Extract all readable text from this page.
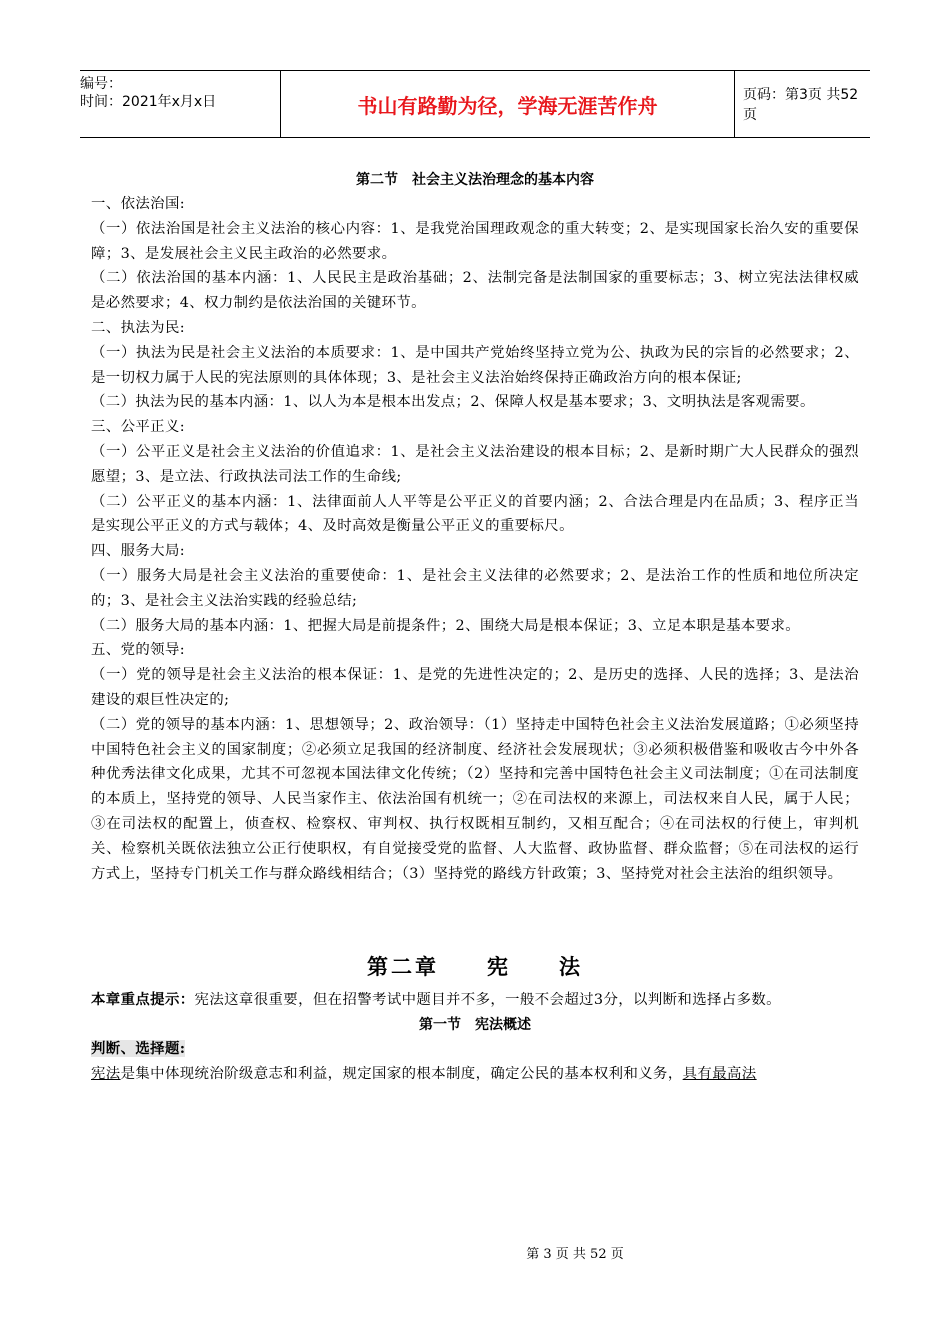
编号：
时间：2021年x月x日	书山有路勤为径，学海无涯苦作舟	页码：第3页 共52页
第二节　社会主义法治理念的基本内容

一、依法治国:

（一）依法治国是社会主义法治的核心内容：1、是我党治国理政观念的重大转变；2、是实现国家长治久安的重要保障；3、是发展社会主义民主政治的必然要求。

（二）依法治国的基本内涵：1、人民民主是政治基础；2、法制完备是法制国家的重要标志；3、树立宪法法律权威是必然要求；4、权力制约是依法治国的关键环节。

二、执法为民:

（一）执法为民是社会主义法治的本质要求：1、是中国共产党始终坚持立党为公、执政为民的宗旨的必然要求；2、是一切权力属于人民的宪法原则的具体体现；3、是社会主义法治始终保持正确政治方向的根本保证;

（二）执法为民的基本内涵：1、以人为本是根本出发点；2、保障人权是基本要求；3、文明执法是客观需要。

三、公平正义:

（一）公平正义是社会主义法治的价值追求：1、是社会主义法治建设的根本目标；2、是新时期广大人民群众的强烈愿望；3、是立法、行政执法司法工作的生命线;

（二）公平正义的基本内涵：1、法律面前人人平等是公平正义的首要内涵；2、合法合理是内在品质；3、程序正当是实现公平正义的方式与载体；4、及时高效是衡量公平正义的重要标尺。

四、服务大局:

（一）服务大局是社会主义法治的重要使命：1、是社会主义法律的必然要求；2、是法治工作的性质和地位所决定的；3、是社会主义法治实践的经验总结;

（二）服务大局的基本内涵：1、把握大局是前提条件；2、围绕大局是根本保证；3、立足本职是基本要求。

五、党的领导:

（一）党的领导是社会主义法治的根本保证：1、是党的先进性决定的；2、是历史的选择、人民的选择；3、是法治建设的艰巨性决定的;

（二）党的领导的基本内涵：1、思想领导；2、政治领导：（1）坚持走中国特色社会主义法治发展道路；①必须坚持中国特色社会主义的国家制度；②必须立足我国的经济制度、经济社会发展现状；③必须积极借鉴和吸收古今中外各种优秀法律文化成果，尤其不可忽视本国法律文化传统；（2）坚持和完善中国特色社会主义司法制度；①在司法制度的本质上，坚持党的领导、人民当家作主、依法治国有机统一；②在司法权的来源上，司法权来自人民，属于人民；③在司法权的配置上，侦查权、检察权、审判权、执行权既相互制约，又相互配合；④在司法权的行使上，审判机关、检察机关既依法独立公正行使职权，有自觉接受党的监督、人大监督、政协监督、群众监督；⑤在司法权的运行方式上，坚持专门机关工作与群众路线相结合；（3）坚持党的路线方针政策；3、坚持党对社会主法治的组织领导。

第二章　　宪　　法

本章重点提示：宪法这章很重要，但在招警考试中题目并不多，一般不会超过3分，以判断和选择占多数。

第一节　宪法概述

判断、选择题:

宪法是集中体现统治阶级意志和利益，规定国家的根本制度，确定公民的基本权利和义务，具有最高法

第 3 页 共 52 页
